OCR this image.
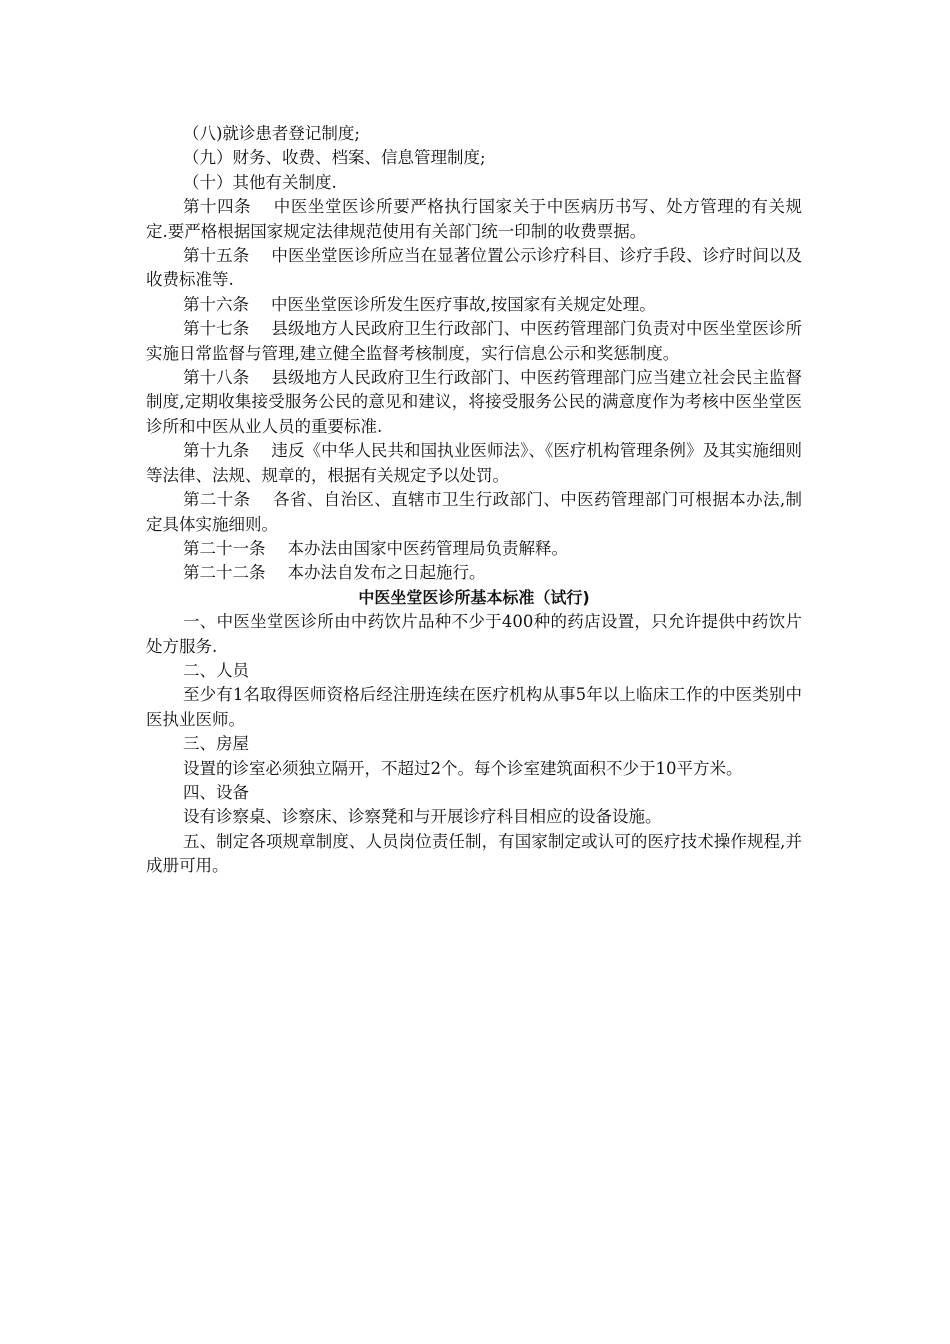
（八)就诊患者登记制度;

（九）财务、收费、档案、信息管理制度;

（十）其他有关制度.

第十四条 中医坐堂医诊所要严格执行国家关于中医病历书写、处方管理的有关规定.要严格根据国家规定法律规范使用有关部门统一印制的收费票据。

第十五条 中医坐堂医诊所应当在显著位置公示诊疗科目、诊疗手段、诊疗时间以及收费标准等.

第十六条 中医坐堂医诊所发生医疗事故,按国家有关规定处理。

第十七条 县级地方人民政府卫生行政部门、中医药管理部门负责对中医坐堂医诊所实施日常监督与管理,建立健全监督考核制度，实行信息公示和奖惩制度。

第十八条 县级地方人民政府卫生行政部门、中医药管理部门应当建立社会民主监督制度,定期收集接受服务公民的意见和建议，将接受服务公民的满意度作为考核中医坐堂医诊所和中医从业人员的重要标准.

第十九条 违反《中华人民共和国执业医师法》、《医疗机构管理条例》及其实施细则等法律、法规、规章的，根据有关规定予以处罚。

第二十条 各省、自治区、直辖市卫生行政部门、中医药管理部门可根据本办法,制定具体实施细则。

第二十一条 本办法由国家中医药管理局负责解释。

第二十二条 本办法自发布之日起施行。

中医坐堂医诊所基本标准（试行)

一、中医坐堂医诊所由中药饮片品种不少于400种的药店设置，只允许提供中药饮片处方服务.

二、人员

至少有1名取得医师资格后经注册连续在医疗机构从事5年以上临床工作的中医类别中医执业医师。

三、房屋

设置的诊室必须独立隔开，不超过2个。每个诊室建筑面积不少于10平方米。

四、设备

设有诊察桌、诊察床、诊察凳和与开展诊疗科目相应的设备设施。

五、制定各项规章制度、人员岗位责任制，有国家制定或认可的医疗技术操作规程,并成册可用。
